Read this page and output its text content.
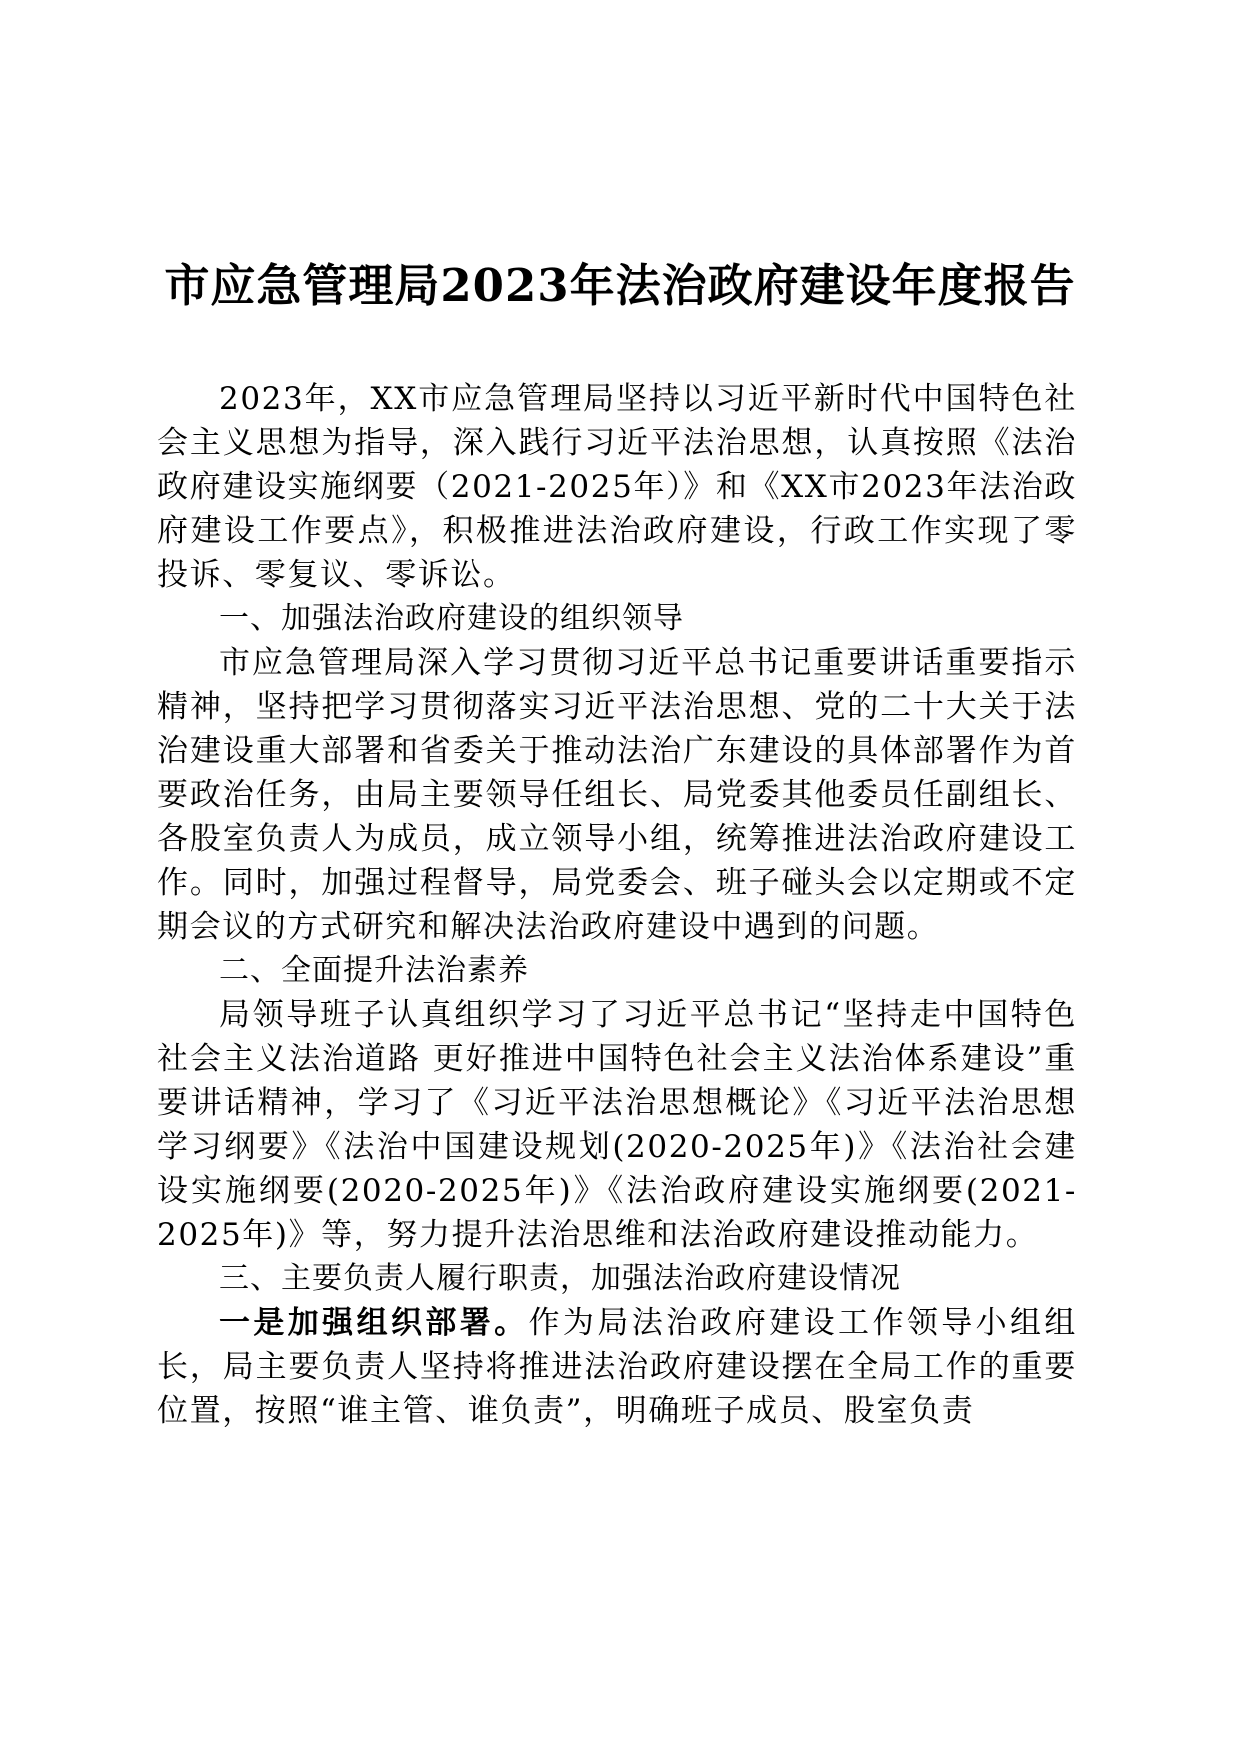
市应急管理局2023年法治政府建设年度报告

2023年，XX市应急管理局坚持以习近平新时代中国特色社会主义思想为指导，深入践行习近平法治思想，认真按照《法治政府建设实施纲要（2021-2025年）》和《XX市2023年法治政府建设工作要点》，积极推进法治政府建设，行政工作实现了零投诉、零复议、零诉讼。

一、加强法治政府建设的组织领导

市应急管理局深入学习贯彻习近平总书记重要讲话重要指示精神，坚持把学习贯彻落实习近平法治思想、党的二十大关于法治建设重大部署和省委关于推动法治广东建设的具体部署作为首要政治任务，由局主要领导任组长、局党委其他委员任副组长、各股室负责人为成员，成立领导小组，统筹推进法治政府建设工作。同时，加强过程督导，局党委会、班子碰头会以定期或不定期会议的方式研究和解决法治政府建设中遇到的问题。

二、全面提升法治素养

局领导班子认真组织学习了习近平总书记“坚持走中国特色社会主义法治道路 更好推进中国特色社会主义法治体系建设”重要讲话精神，学习了《习近平法治思想概论》《习近平法治思想学习纲要》《法治中国建设规划(2020-2025年)》《法治社会建设实施纲要(2020-2025年)》《法治政府建设实施纲要(2021-2025年)》等，努力提升法治思维和法治政府建设推动能力。

三、主要负责人履行职责，加强法治政府建设情况

一是加强组织部署。作为局法治政府建设工作领导小组组长，局主要负责人坚持将推进法治政府建设摆在全局工作的重要位置，按照“谁主管、谁负责”，明确班子成员、股室负责
